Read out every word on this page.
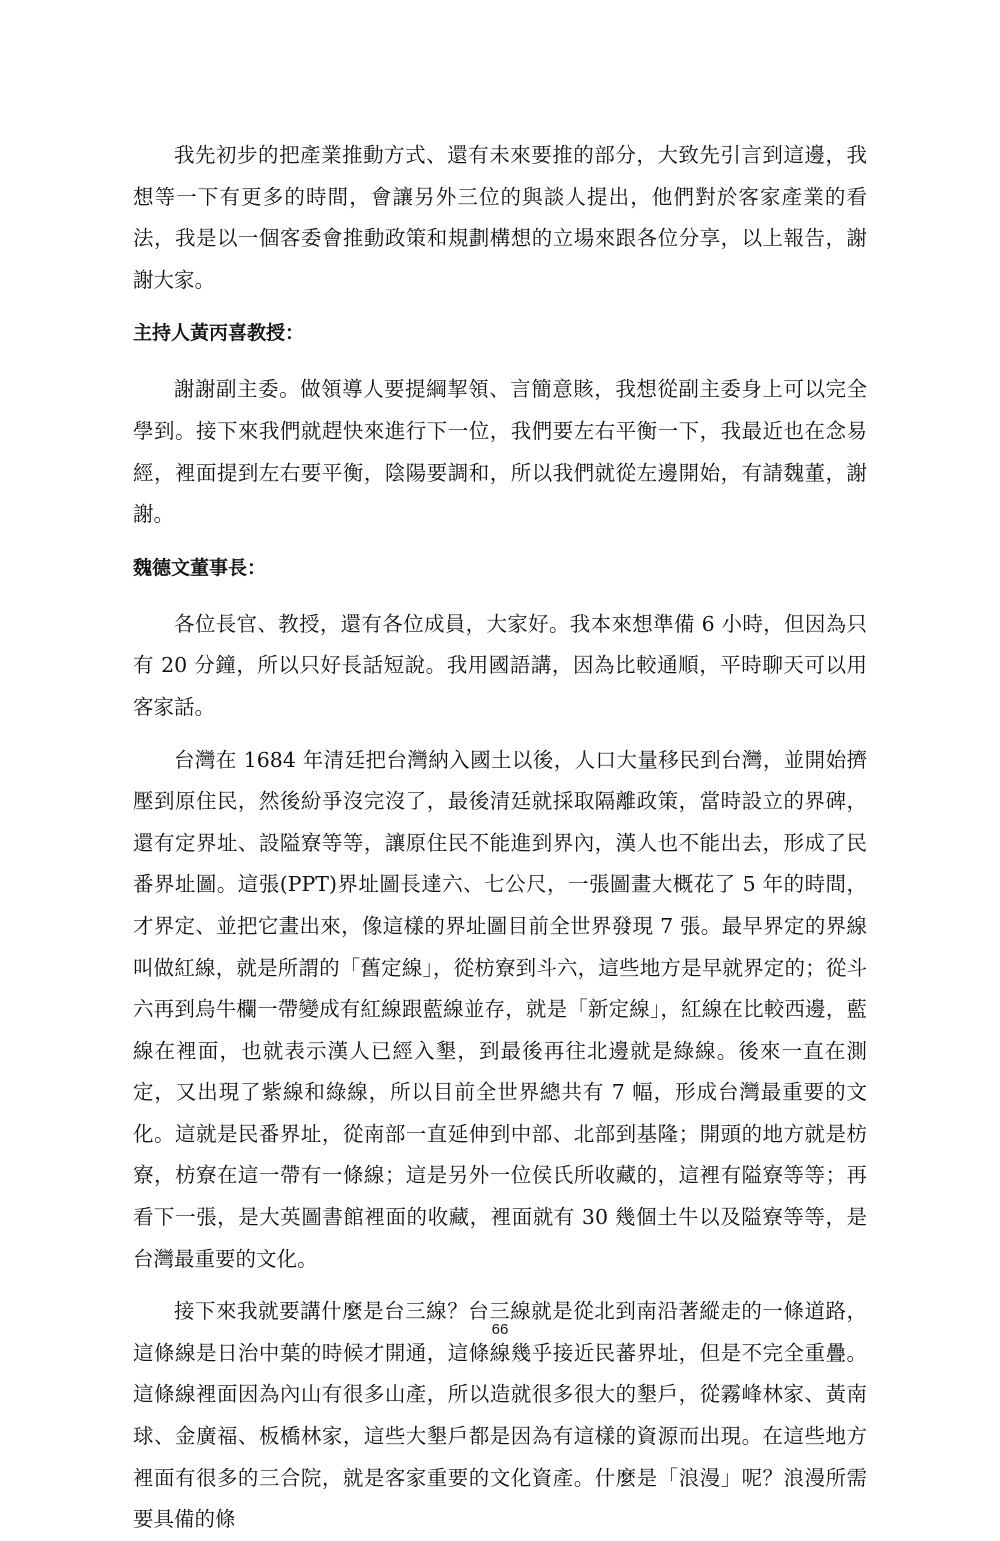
我先初步的把產業推動方式、還有未來要推的部分，大致先引言到這邊，我想等一下有更多的時間，會讓另外三位的與談人提出，他們對於客家產業的看法，我是以一個客委會推動政策和規劃構想的立場來跟各位分享，以上報告，謝謝大家。

主持人黃丙喜教授：

謝謝副主委。做領導人要提綱挈領、言簡意賅，我想從副主委身上可以完全學到。接下來我們就趕快來進行下一位，我們要左右平衡一下，我最近也在念易經，裡面提到左右要平衡，陰陽要調和，所以我們就從左邊開始，有請魏董，謝謝。

魏德文董事長：

各位長官、教授，還有各位成員，大家好。我本來想準備 6 小時，但因為只有 20 分鐘，所以只好長話短說。我用國語講，因為比較通順，平時聊天可以用客家話。

台灣在 1684 年清廷把台灣納入國土以後，人口大量移民到台灣，並開始擠壓到原住民，然後紛爭沒完沒了，最後清廷就採取隔離政策，當時設立的界碑，還有定界址、設隘寮等等，讓原住民不能進到界內，漢人也不能出去，形成了民番界址圖。這張(PPT)界址圖長達六、七公尺，一張圖畫大概花了 5 年的時間，才界定、並把它畫出來，像這樣的界址圖目前全世界發現 7 張。最早界定的界線叫做紅線，就是所謂的「舊定線」，從枋寮到斗六，這些地方是早就界定的；從斗六再到烏牛欄一帶變成有紅線跟藍線並存，就是「新定線」，紅線在比較西邊，藍線在裡面，也就表示漢人已經入墾，到最後再往北邊就是綠線。後來一直在測定，又出現了紫線和綠線，所以目前全世界總共有 7 幅，形成台灣最重要的文化。這就是民番界址，從南部一直延伸到中部、北部到基隆；開頭的地方就是枋寮，枋寮在這一帶有一條線；這是另外一位侯氏所收藏的，這裡有隘寮等等；再看下一張，是大英圖書館裡面的收藏，裡面就有 30 幾個土牛以及隘寮等等，是台灣最重要的文化。

接下來我就要講什麼是台三線？台三線就是從北到南沿著縱走的一條道路，這條線是日治中葉的時候才開通，這條線幾乎接近民蕃界址，但是不完全重疊。這條線裡面因為內山有很多山產，所以造就很多很大的墾戶，從霧峰林家、黃南球、金廣福、板橋林家，這些大墾戶都是因為有這樣的資源而出現。在這些地方裡面有很多的三合院，就是客家重要的文化資產。什麼是「浪漫」呢？浪漫所需要具備的條

66
